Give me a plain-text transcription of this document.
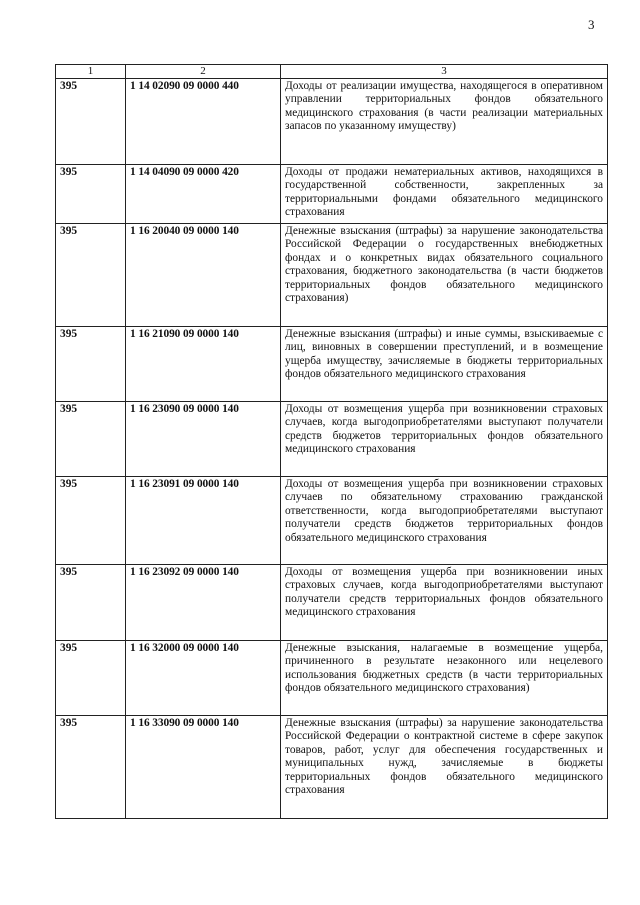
3
1	2	3
395	1 14 02090 09 0000 440	Доходы от реализации имущества, находящегося в оперативном управлении территориальных фондов обязательного медицинского страхования (в части реализации материальных запасов по указанному имуществу)
395	1 14 04090 09 0000 420	Доходы от продажи нематериальных активов, находящихся в государственной собственности, закрепленных за территориальными фондами обязательного медицинского страхования
395	1 16 20040 09 0000 140	Денежные взыскания (штрафы) за нарушение законодательства Российской Федерации о государственных внебюджетных фондах и о конкретных видах обязательного социального страхования, бюджетного законодательства (в части бюджетов территориальных фондов обязательного медицинского страхования)
395	1 16 21090 09 0000 140	Денежные взыскания (штрафы) и иные суммы, взыскиваемые с лиц, виновных в совершении преступлений, и в возмещение ущерба имуществу, зачисляемые в бюджеты территориальных фондов обязательного медицинского страхования
395	1 16 23090 09 0000 140	Доходы от возмещения ущерба при возникновении страховых случаев, когда выгодоприобретателями выступают получатели средств бюджетов территориальных фондов обязательного медицинского страхования
395	1 16 23091 09 0000 140	Доходы от возмещения ущерба при возникновении страховых случаев по обязательному страхованию гражданской ответственности, когда выгодоприобретателями выступают получатели средств бюджетов территориальных фондов обязательного медицинского страхования
395	1 16 23092 09 0000 140	Доходы от возмещения ущерба при возникновении иных страховых случаев, когда выгодоприобретателями выступают получатели средств территориальных фондов обязательного медицинского страхования
395	1 16 32000 09 0000 140	Денежные взыскания, налагаемые в возмещение ущерба, причиненного в результате незаконного или нецелевого использования бюджетных средств (в части территориальных фондов обязательного медицинского страхования)
395	1 16 33090 09 0000 140	Денежные взыскания (штрафы) за нарушение законодательства Российской Федерации о контрактной системе в сфере закупок товаров, работ, услуг для обеспечения государственных и муниципальных нужд, зачисляемые в бюджеты территориальных фондов обязательного медицинского страхования
